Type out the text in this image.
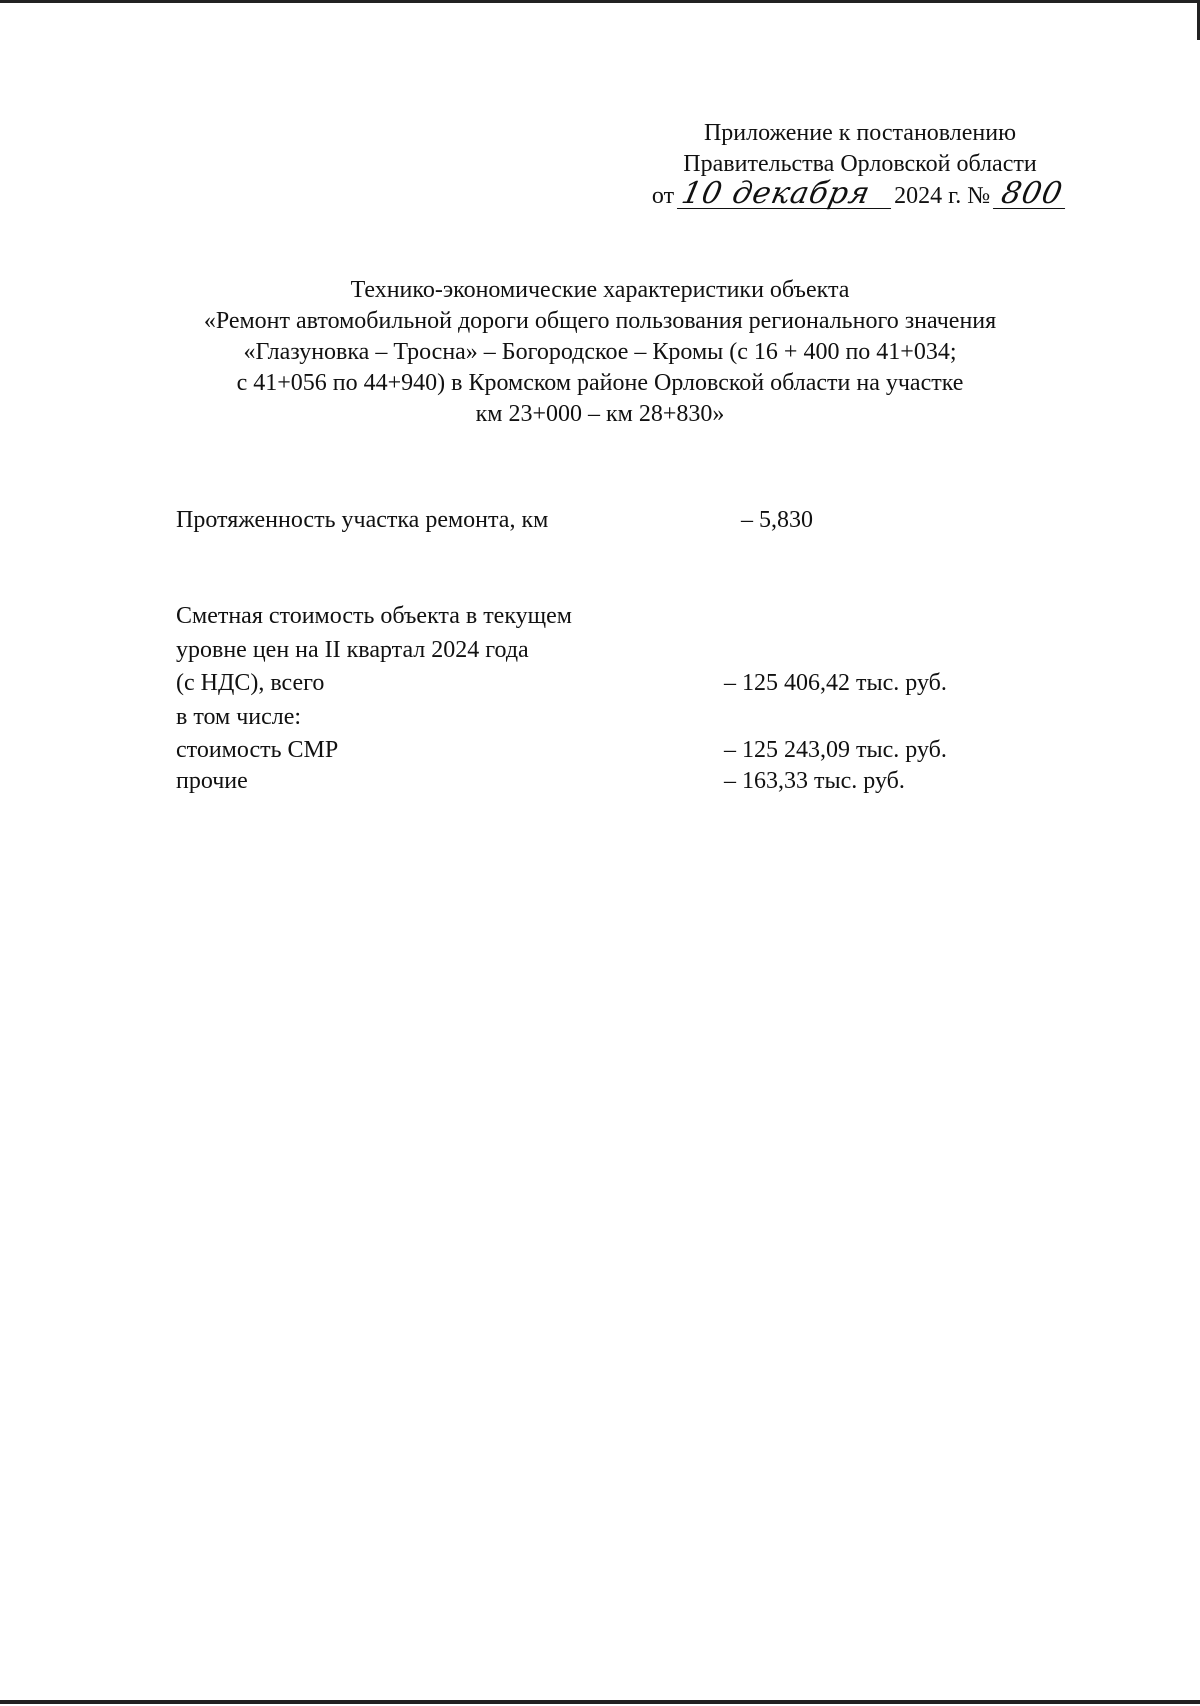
Приложение к постановлению
Правительства Орловской области
от 10 декабря 2024 г. № 800
Технико-экономические характеристики объекта
«Ремонт автомобильной дороги общего пользования регионального значения
«Глазуновка – Тросна» – Богородское – Кромы (с 16 + 400 по 41+034;
с 41+056 по 44+940) в Кромском районе Орловской области на участке
км 23+000 – км 28+830»
Протяженность участка ремонта, км	– 5,830
Сметная стоимость объекта в текущем
уровне цен на II квартал 2024 года
(с НДС), всего	– 125 406,42 тыс. руб.
в том числе:
стоимость СМР	– 125 243,09 тыс. руб.
прочие	– 163,33 тыс. руб.
